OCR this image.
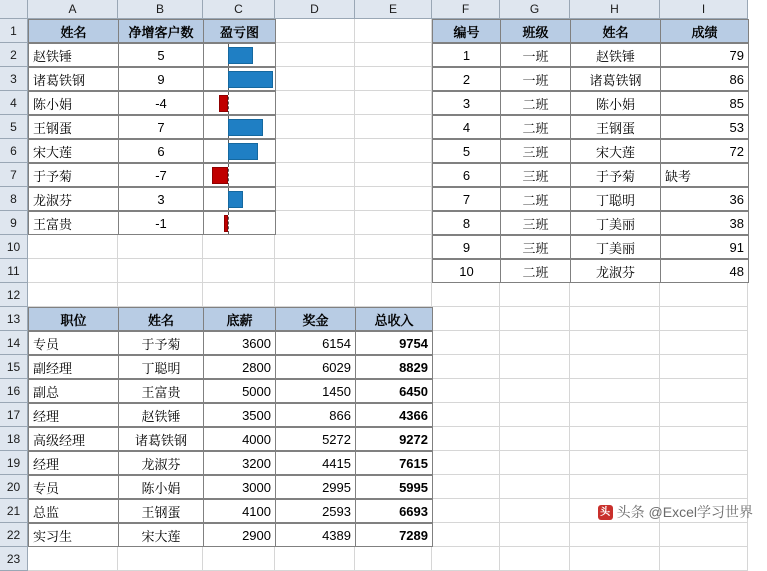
A	B	C	D	E	F	G	H	I
1
2
3
4
5
6
7
8
9
10
11
12
13
14
15
16
17
18
19
20
21
22
23
姓名	净增客户数	盈亏图
赵铁锤	5
诸葛铁钢	9
陈小娟	-4
王钢蛋	7
宋大莲	6
于予菊	-7
龙淑芬	3
王富贵	-1
编号	班级	姓名	成绩
1	一班	赵铁锤	79
2	一班	诸葛铁钢	86
3	二班	陈小娟	85
4	二班	王钢蛋	53
5	三班	宋大莲	72
6	三班	于予菊	缺考
7	二班	丁聪明	36
8	三班	丁美丽	38
9	三班	丁美丽	91
10	二班	龙淑芬	48
职位	姓名	底薪	奖金	总收入
专员	于予菊	3600	6154	9754
副经理	丁聪明	2800	6029	8829
副总	王富贵	5000	1450	6450
经理	赵铁锤	3500	866	4366
高级经理	诸葛铁钢	4000	5272	9272
经理	龙淑芬	3200	4415	7615
专员	陈小娟	3000	2995	5995
总监	王钢蛋	4100	2593	6693
实习生	宋大莲	2900	4389	7289
头 头条 @Excel学习世界
